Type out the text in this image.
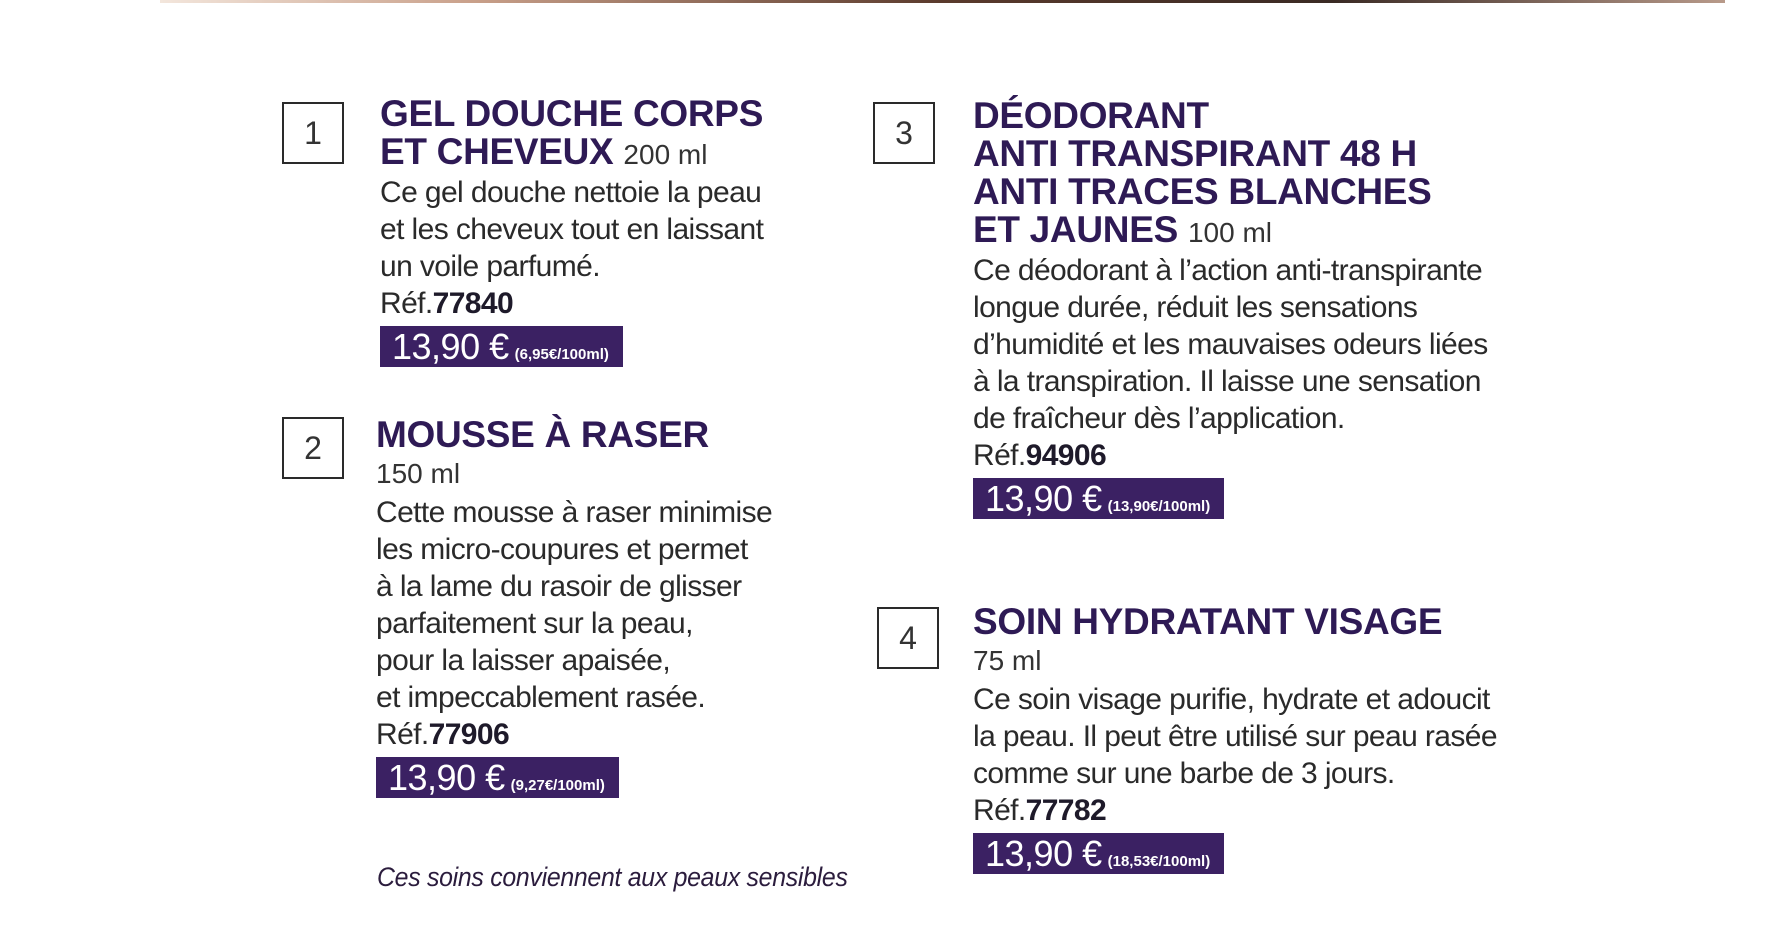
1	GEL DOUCHE CORPS
ET CHEVEUX 200 ml
Ce gel douche nettoie la peau
et les cheveux tout en laissant
un voile parfumé.
Réf.77840
13,90 € (6,95€/100ml)
2	MOUSSE À RASER
150 ml
Cette mousse à raser minimise
les micro-coupures et permet
à la lame du rasoir de glisser
parfaitement sur la peau,
pour la laisser apaisée,
et impeccablement rasée.
Réf.77906
13,90 € (9,27€/100ml)
3	DÉODORANT
ANTI TRANSPIRANT 48 H
ANTI TRACES BLANCHES
ET JAUNES 100 ml
Ce déodorant à l’action anti-transpirante
longue durée, réduit les sensations
d’humidité et les mauvaises odeurs liées
à la transpiration. Il laisse une sensation
de fraîcheur dès l’application.
Réf.94906
13,90 € (13,90€/100ml)
4	SOIN HYDRATANT VISAGE
75 ml
Ce soin visage purifie, hydrate et adoucit
la peau. Il peut être utilisé sur peau rasée
comme sur une barbe de 3 jours.
Réf.77782
13,90 € (18,53€/100ml)
Ces soins conviennent aux peaux sensibles
